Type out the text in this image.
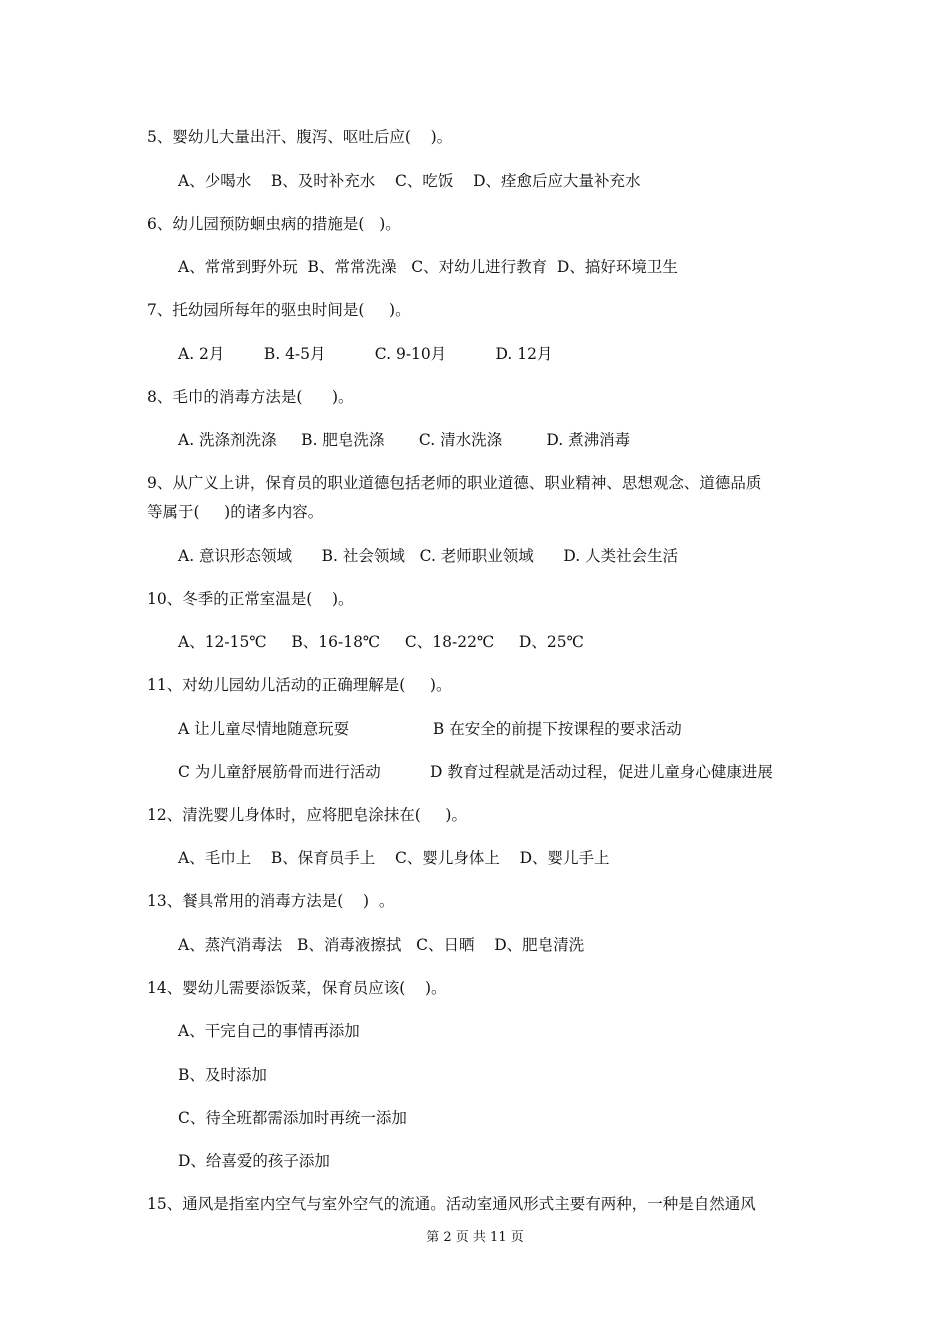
5、婴幼儿大量出汗、腹泻、呕吐后应(    )。
A、少喝水    B、及时补充水    C、吃饭    D、痊愈后应大量补充水
6、幼儿园预防蛔虫病的措施是(   )。
A、常常到野外玩  B、常常洗澡   C、对幼儿进行教育  D、搞好环境卫生
7、托幼园所每年的驱虫时间是(     )。
A. 2月        B. 4-5月          C. 9-10月          D. 12月
8、毛巾的消毒方法是(      )。
A. 洗涤剂洗涤     B. 肥皂洗涤       C. 清水洗涤         D. 煮沸消毒
9、从广义上讲，保育员的职业道德包括老师的职业道德、职业精神、思想观念、道德品质
等属于(     )的诸多内容。
A. 意识形态领域      B. 社会领域   C. 老师职业领域      D. 人类社会生活
10、冬季的正常室温是(    )。
A、12-15℃     B、16-18℃     C、18-22℃     D、25℃
11、对幼儿园幼儿活动的正确理解是(     )。
A 让儿童尽情地随意玩耍                 B 在安全的前提下按课程的要求活动
C 为儿童舒展筋骨而进行活动          D 教育过程就是活动过程，促进儿童身心健康进展
12、清洗婴儿身体时，应将肥皂涂抹在(     )。
A、毛巾上    B、保育员手上    C、婴儿身体上    D、婴儿手上
13、餐具常用的消毒方法是(    )  。
A、蒸汽消毒法   B、消毒液擦拭   C、日晒    D、肥皂清洗
14、婴幼儿需要添饭菜，保育员应该(    )。
A、干完自己的事情再添加
B、及时添加
C、待全班都需添加时再统一添加
D、给喜爱的孩子添加
15、通风是指室内空气与室外空气的流通。活动室通风形式主要有两种，一种是自然通风
第 2 页 共 11 页
